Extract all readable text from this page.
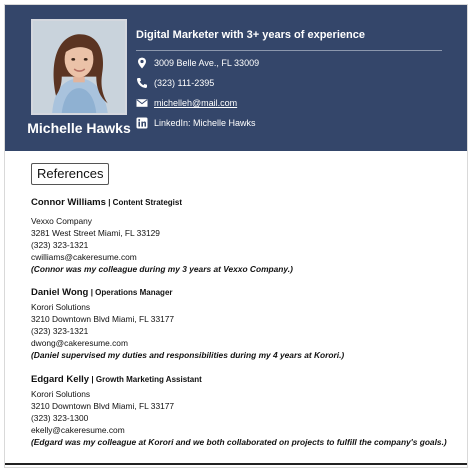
Michelle Hawks
Digital Marketer with 3+ years of experience
3009 Belle Ave., FL 33009
(323) 111-2395
michelleh@mail.com
LinkedIn: Michelle Hawks
References
Connor Williams | Content Strategist
Vexxo Company
3281 West Street Miami, FL 33129
(323) 323-1321
cwilliams@cakeresume.com
(Connor was my colleague during my 3 years at Vexxo Company.)
Daniel Wong | Operations Manager
Korori Solutions
3210 Downtown Blvd Miami, FL 33177
(323) 323-1321
dwong@cakeresume.com
(Daniel supervised my duties and responsibilities during my 4 years at Korori.)
Edgard Kelly | Growth Marketing Assistant
Korori Solutions
3210 Downtown Blvd Miami, FL 33177
(323) 323-1300
ekelly@cakeresume.com
(Edgard was my colleague at Korori and we both collaborated on projects to fulfill the company's goals.)
